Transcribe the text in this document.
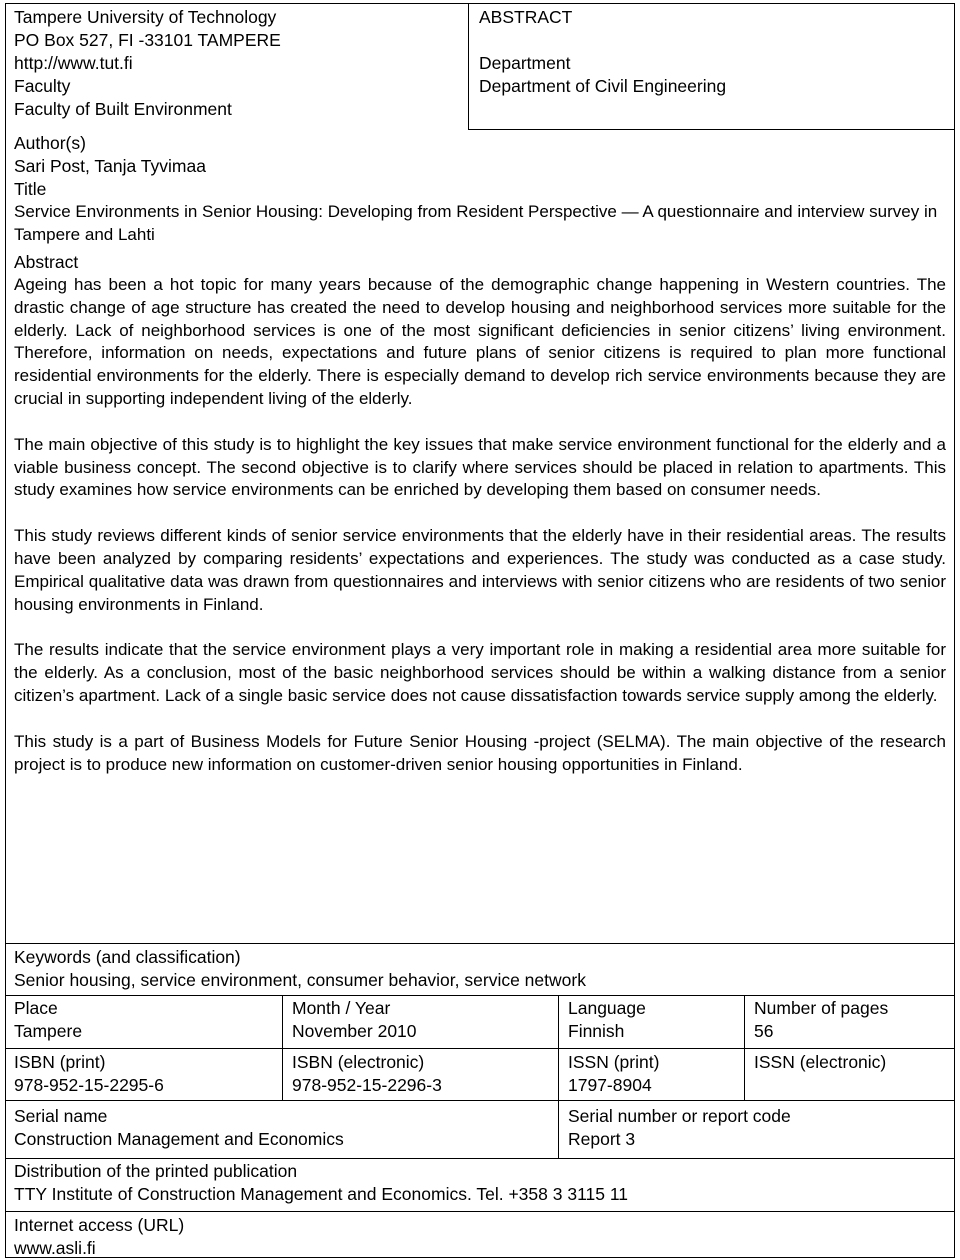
Tampere University of Technology
PO Box 527, FI -33101 TAMPERE
http://www.tut.fi
Faculty
Faculty of Built Environment
ABSTRACT
Department
Department of Civil Engineering
Author(s)
Sari Post, Tanja Tyvimaa
Title

Service Environments in Senior Housing: Developing from Resident Perspective — A questionnaire and interview survey in Tampere and Lahti

Abstract

Ageing has been a hot topic for many years because of the demographic change happening in Western countries. The drastic change of age structure has created the need to develop housing and neighborhood services more suitable for the elderly. Lack of neighborhood services is one of the most significant deficiencies in senior citizens’ living environment. Therefore, information on needs, expectations and future plans of senior citizens is required to plan more functional residential environments for the elderly. There is especially demand to develop rich service environments because they are crucial in supporting independent living of the elderly.

The main objective of this study is to highlight the key issues that make service environment functional for the elderly and a viable business concept. The second objective is to clarify where services should be placed in relation to apartments. This study examines how service environments can be enriched by developing them based on consumer needs.

This study reviews different kinds of senior service environments that the elderly have in their residential areas. The results have been analyzed by comparing residents’ expectations and experiences. The study was conducted as a case study. Empirical qualitative data was drawn from questionnaires and interviews with senior citizens who are residents of two senior housing environments in Finland.

The results indicate that the service environment plays a very important role in making a residential area more suitable for the elderly. As a conclusion, most of the basic neighborhood services should be within a walking distance from a senior citizen’s apartment. Lack of a single basic service does not cause dissatisfaction towards service supply among the elderly.

This study is a part of Business Models for Future Senior Housing -project (SELMA). The main objective of the research project is to produce new information on customer-driven senior housing opportunities in Finland.

Keywords (and classification)
Senior housing, service environment, consumer behavior, service network
Place
Tampere
Month / Year
November 2010
Language
Finnish
Number of pages
56
ISBN (print)
978-952-15-2295-6
ISBN (electronic)
978-952-15-2296-3
ISSN (print)
1797-8904
ISSN (electronic)
Serial name
Construction Management and Economics
Serial number or report code
Report 3
Distribution of the printed publication
TTY Institute of Construction Management and Economics. Tel. +358 3 3115 11
Internet access (URL)
www.asli.fi
